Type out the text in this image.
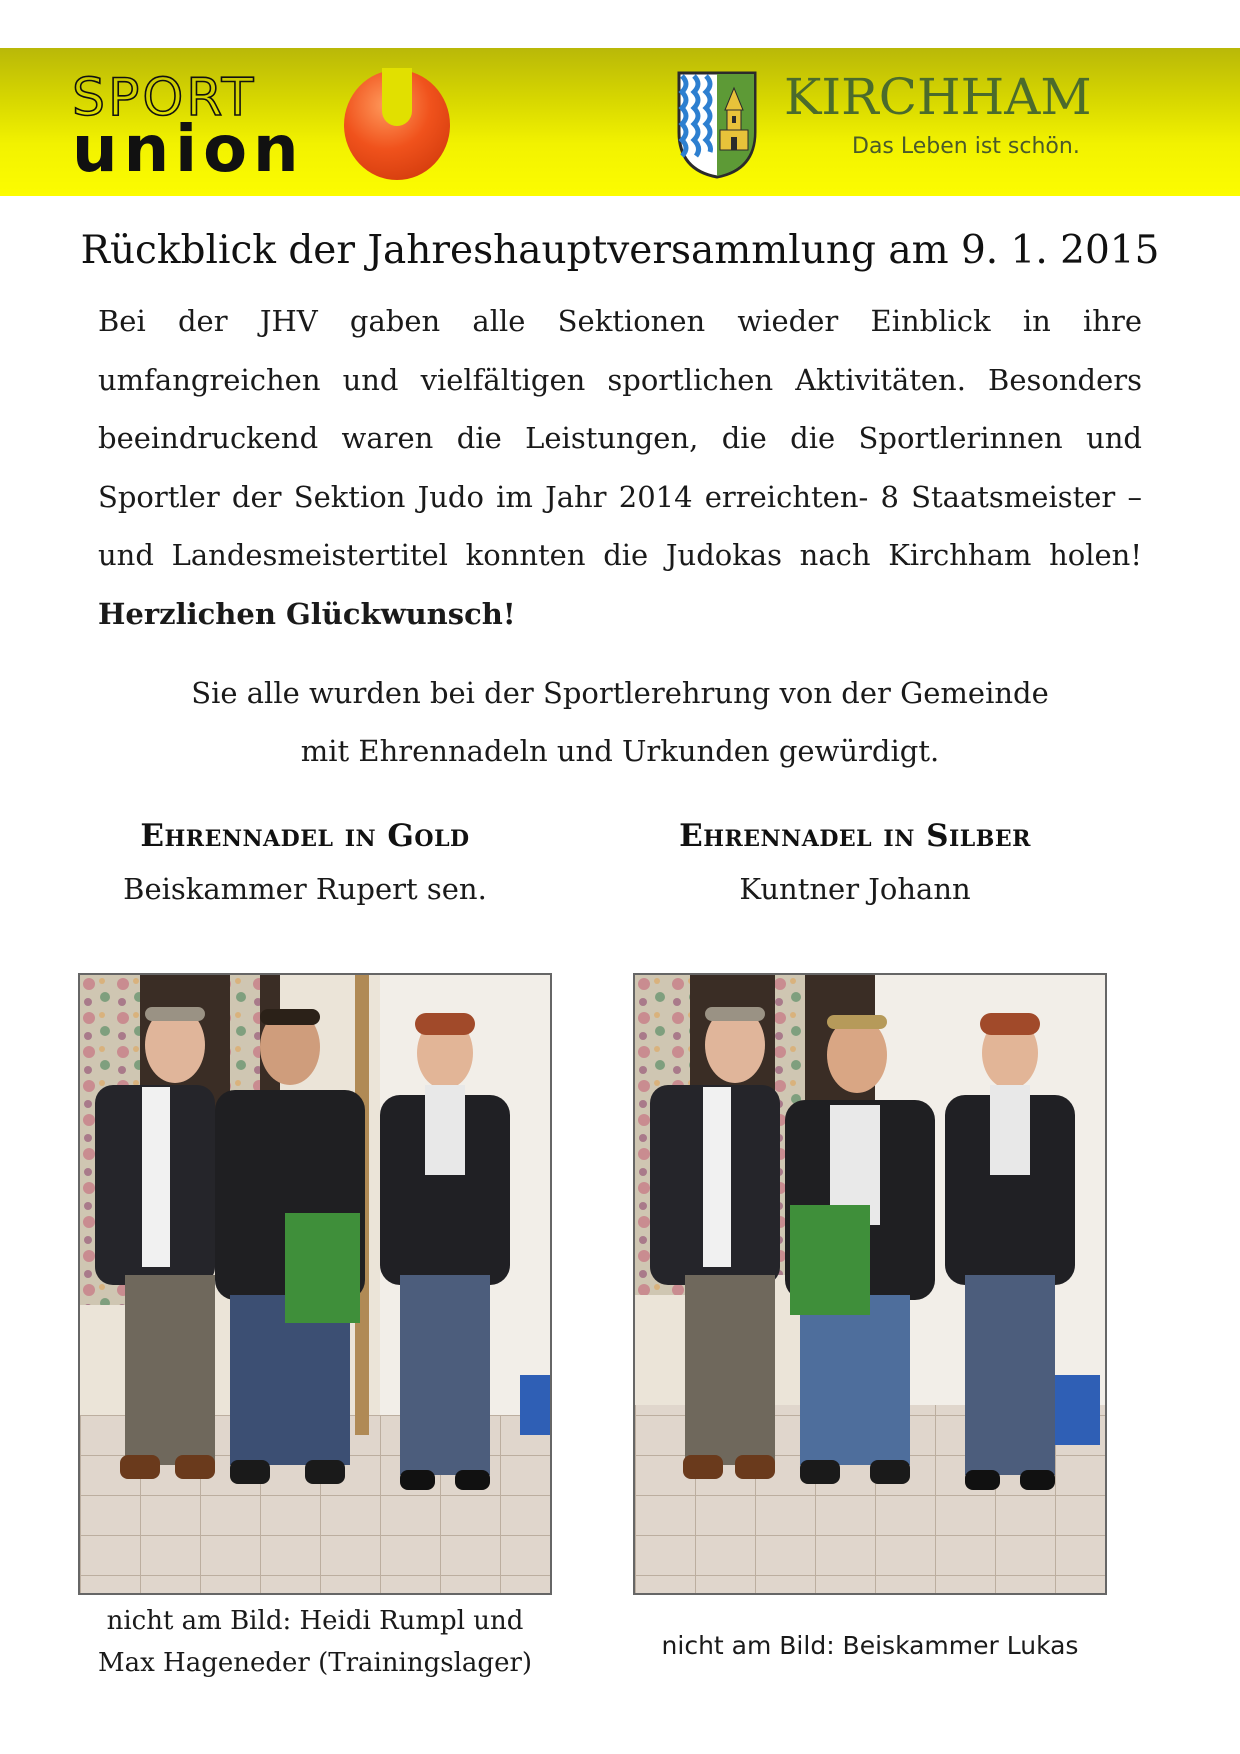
SPORT
union
KIRCHHAM
Das Leben ist schön.
Rückblick der Jahreshauptversammlung am 9. 1. 2015

Bei der JHV gaben alle Sektionen wieder Einblick in ihre umfangreichen und vielfältigen sportlichen Aktivitäten. Besonders beeindruckend waren die Leistungen, die die Sportlerinnen und Sportler der Sektion Judo im Jahr 2014 erreichten- 8 Staatsmeister – und Landesmeistertitel konnten die Judokas nach Kirchham holen! Herzlichen Glückwunsch!

Sie alle wurden bei der Sportlerehrung von der Gemeinde
mit Ehrennadeln und Urkunden gewürdigt.

Ehrennadel in Gold
Beiskammer Rupert sen.
Ehrennadel in Silber
Kuntner Johann

nicht am Bild: Heidi Rumpl und
Max Hageneder (Trainingslager)

nicht am Bild: Beiskammer Lukas
